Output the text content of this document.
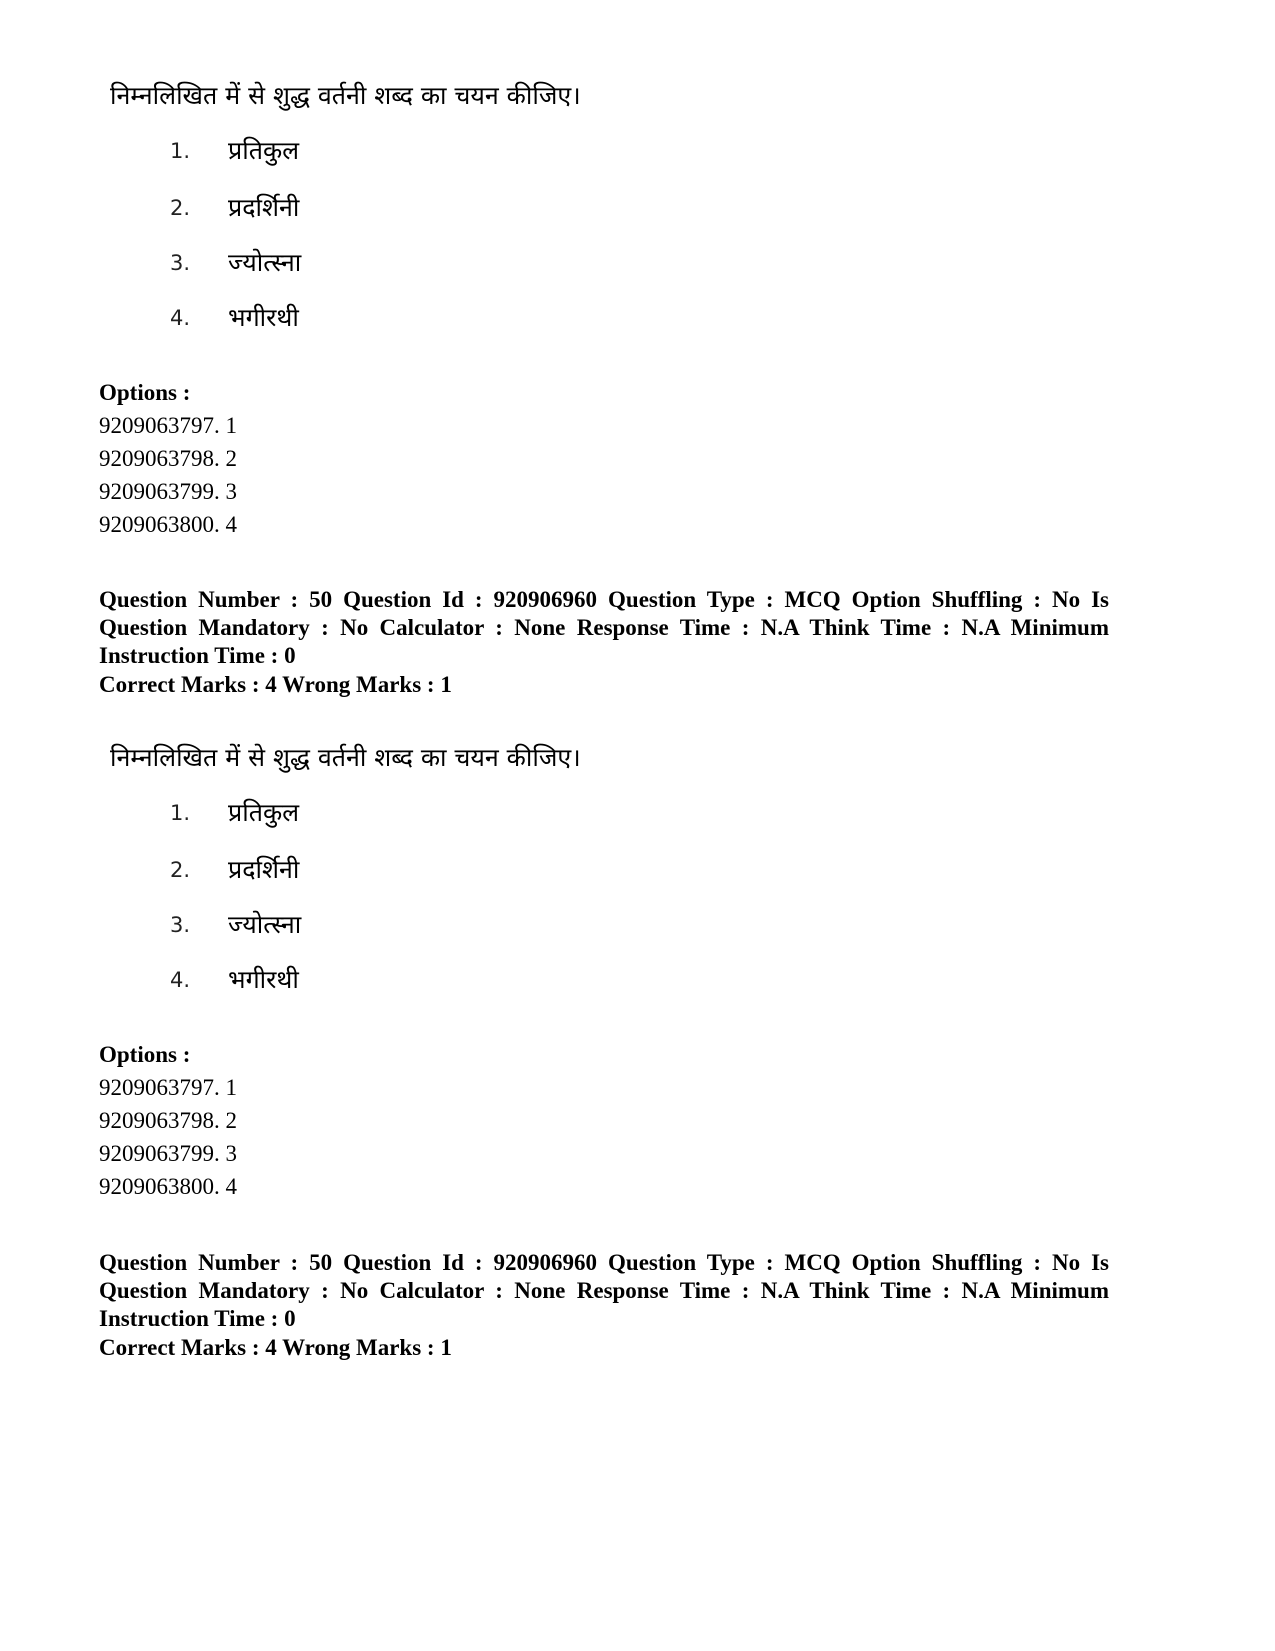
निम्नलिखित में से शुद्ध वर्तनी शब्द का चयन कीजिए।
1. प्रतिकुल
2. प्रदर्शिनी
3. ज्योत्स्ना
4. भगीरथी
Options :
9209063797. 1
9209063798. 2
9209063799. 3
9209063800. 4
Question Number : 50 Question Id : 920906960 Question Type : MCQ Option Shuffling : No Is Question Mandatory : No Calculator : None Response Time : N.A Think Time : N.A Minimum Instruction Time : 0
Correct Marks : 4 Wrong Marks : 1
निम्नलिखित में से शुद्ध वर्तनी शब्द का चयन कीजिए।
1. प्रतिकुल
2. प्रदर्शिनी
3. ज्योत्स्ना
4. भगीरथी
Options :
9209063797. 1
9209063798. 2
9209063799. 3
9209063800. 4
Question Number : 50 Question Id : 920906960 Question Type : MCQ Option Shuffling : No Is Question Mandatory : No Calculator : None Response Time : N.A Think Time : N.A Minimum Instruction Time : 0
Correct Marks : 4 Wrong Marks : 1
